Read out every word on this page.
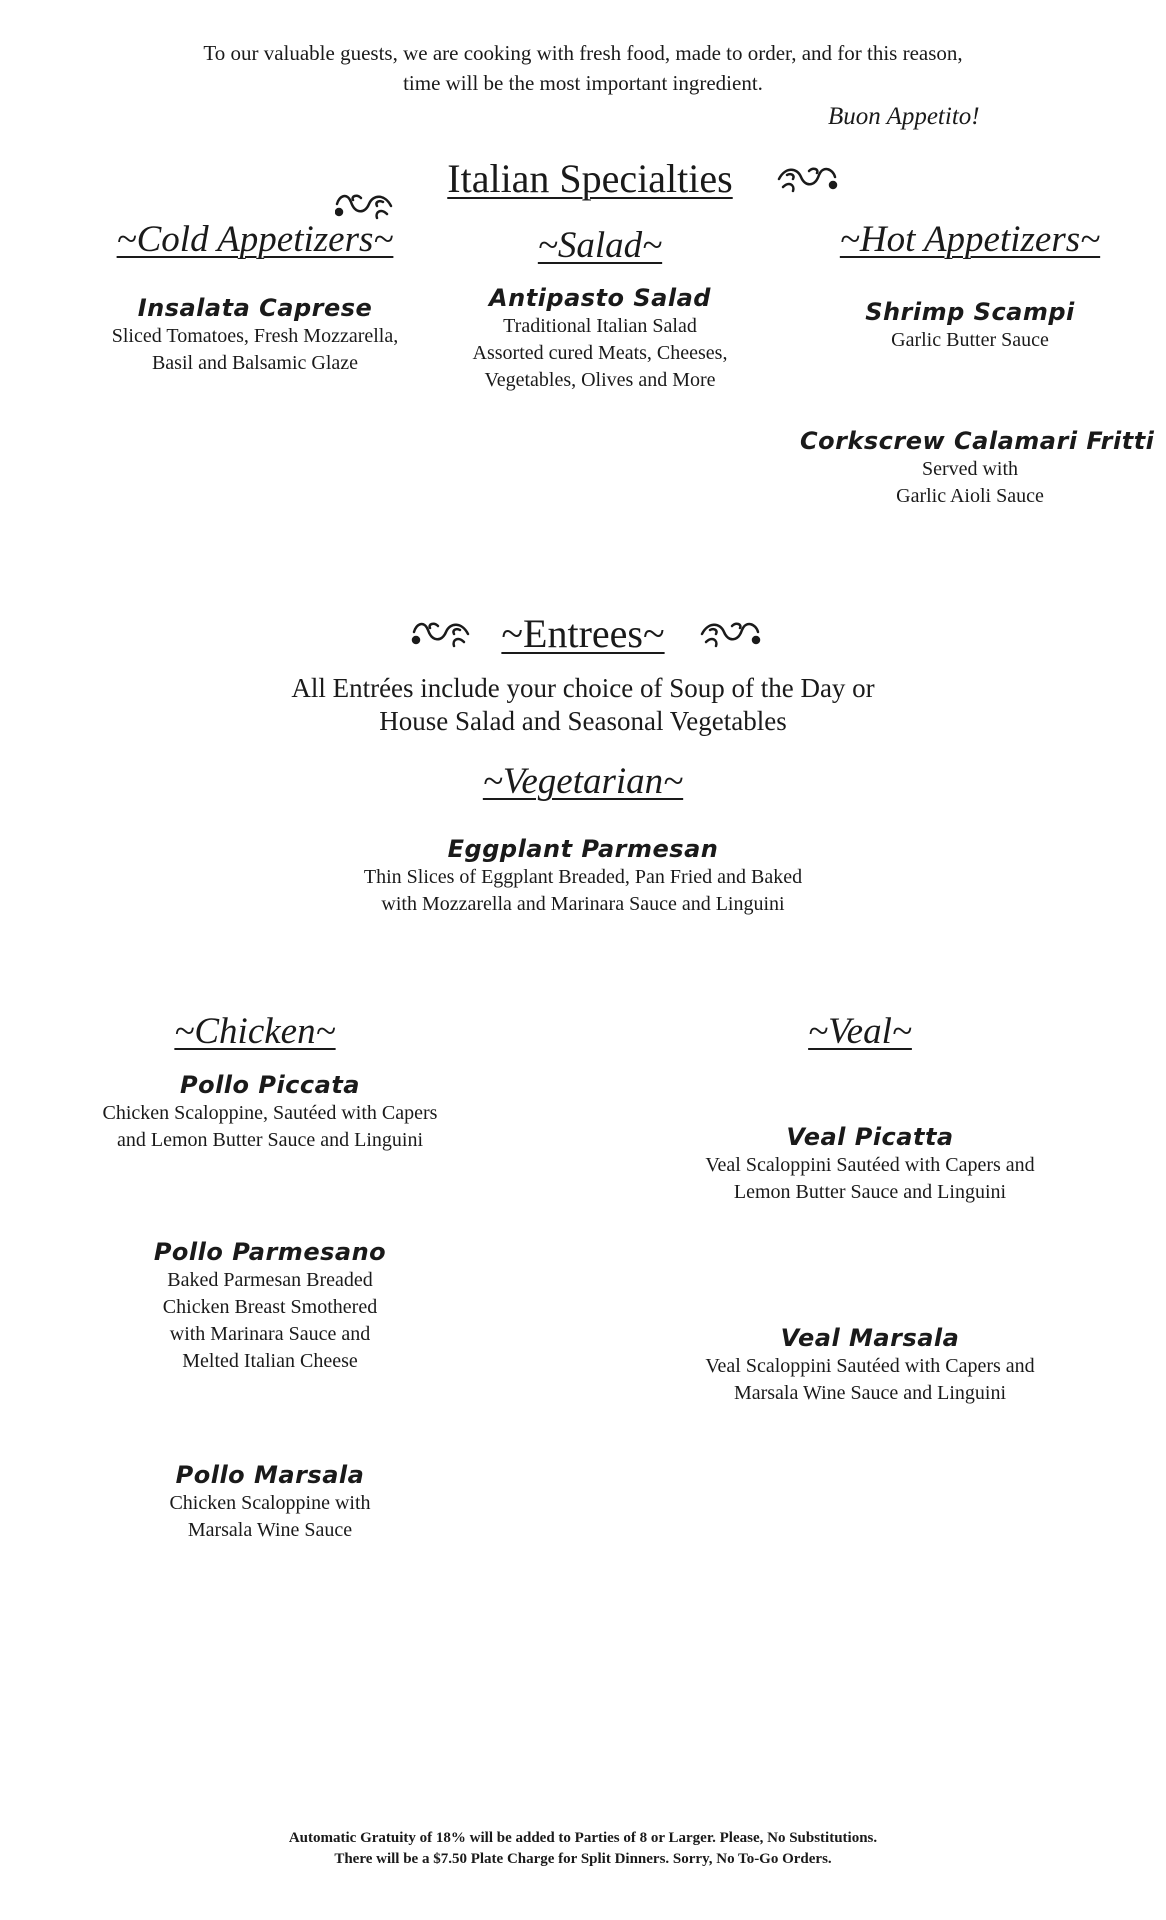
To our valuable guests, we are cooking with fresh food, made to order, and for this reason,
time will be the most important ingredient.
Buon Appetito!
Italian Specialties
~Cold Appetizers~
Insalata Caprese
Sliced Tomatoes, Fresh Mozzarella,
Basil and Balsamic Glaze
~Salad~
Antipasto Salad
Traditional Italian Salad
Assorted cured Meats, Cheeses,
Vegetables, Olives and More
~Hot Appetizers~
Shrimp Scampi
Garlic Butter Sauce
Corkscrew Calamari Fritti
Served with
Garlic Aioli Sauce
~Entrees~
All Entrées include your choice of Soup of the Day or
House Salad and Seasonal Vegetables
~Vegetarian~
Eggplant Parmesan
Thin Slices of Eggplant Breaded, Pan Fried and Baked
with Mozzarella and Marinara Sauce and Linguini
~Chicken~
Pollo Piccata
Chicken Scaloppine, Sautéed with Capers
and Lemon Butter Sauce and Linguini
Pollo Parmesano
Baked Parmesan Breaded
Chicken Breast Smothered
with Marinara Sauce and
Melted Italian Cheese
Pollo Marsala
Chicken Scaloppine with
Marsala Wine Sauce
~Veal~
Veal Picatta
Veal Scaloppini Sautéed with Capers and
Lemon Butter Sauce and Linguini
Veal Marsala
Veal Scaloppini Sautéed with Capers and
Marsala Wine Sauce and Linguini
Automatic Gratuity of 18% will be added to Parties of 8 or Larger. Please, No Substitutions.
There will be a $7.50 Plate Charge for Split Dinners. Sorry, No To-Go Orders.
